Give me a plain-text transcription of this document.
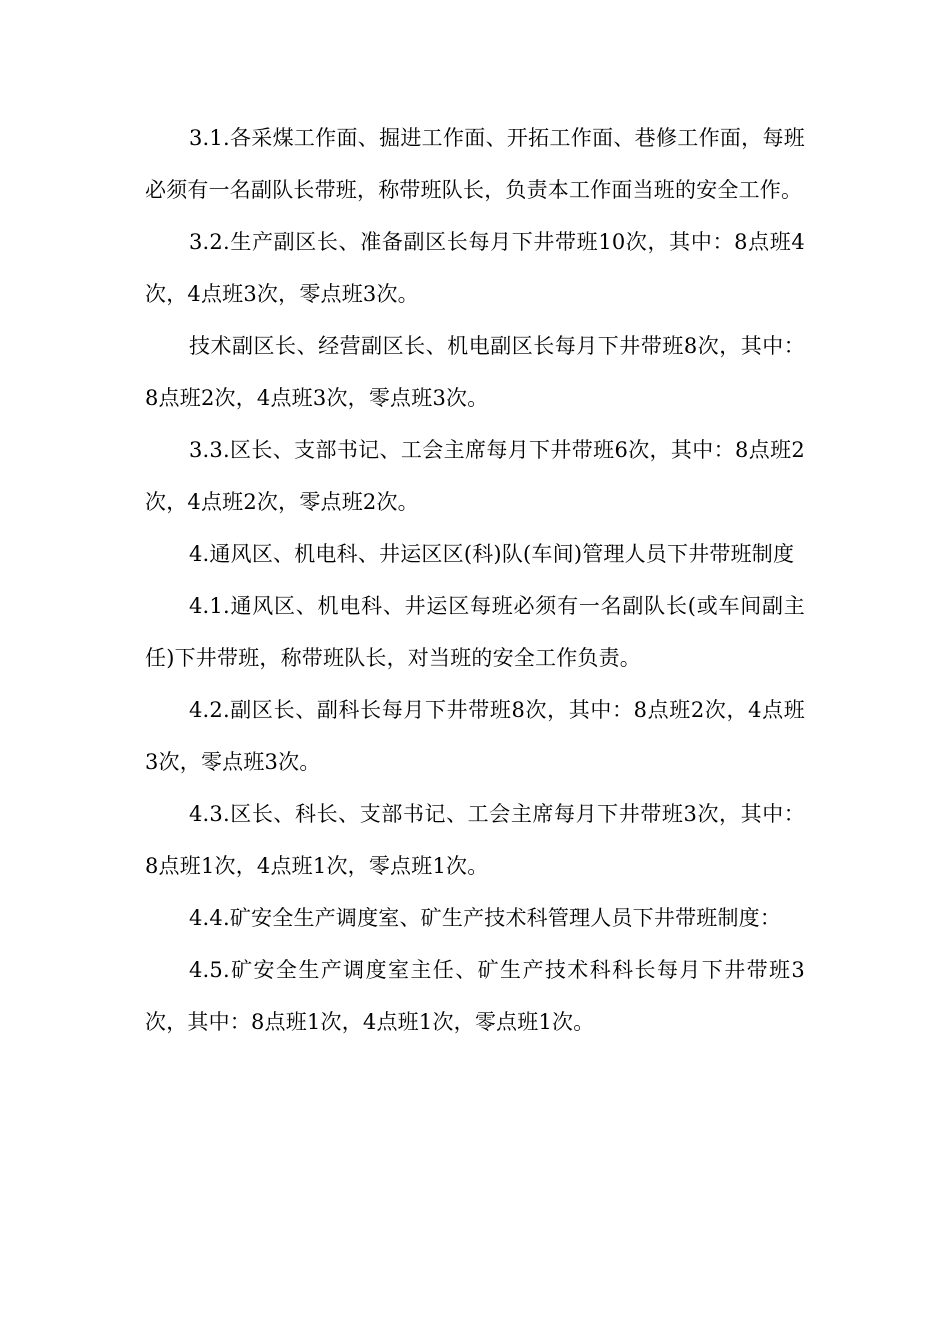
3.1.各采煤工作面、掘进工作面、开拓工作面、巷修工作面，每班必须有一名副队长带班，称带班队长，负责本工作面当班的安全工作。

3.2.生产副区长、准备副区长每月下井带班10次，其中：8点班4次，4点班3次，零点班3次。

技术副区长、经营副区长、机电副区长每月下井带班8次，其中：8点班2次，4点班3次，零点班3次。

3.3.区长、支部书记、工会主席每月下井带班6次，其中：8点班2次，4点班2次，零点班2次。

4.通风区、机电科、井运区区(科)队(车间)管理人员下井带班制度

4.1.通风区、机电科、井运区每班必须有一名副队长(或车间副主任)下井带班，称带班队长，对当班的安全工作负责。

4.2.副区长、副科长每月下井带班8次，其中：8点班2次，4点班3次，零点班3次。

4.3.区长、科长、支部书记、工会主席每月下井带班3次，其中：8点班1次，4点班1次，零点班1次。

4.4.矿安全生产调度室、矿生产技术科管理人员下井带班制度：

4.5.矿安全生产调度室主任、矿生产技术科科长每月下井带班3次，其中：8点班1次，4点班1次，零点班1次。
